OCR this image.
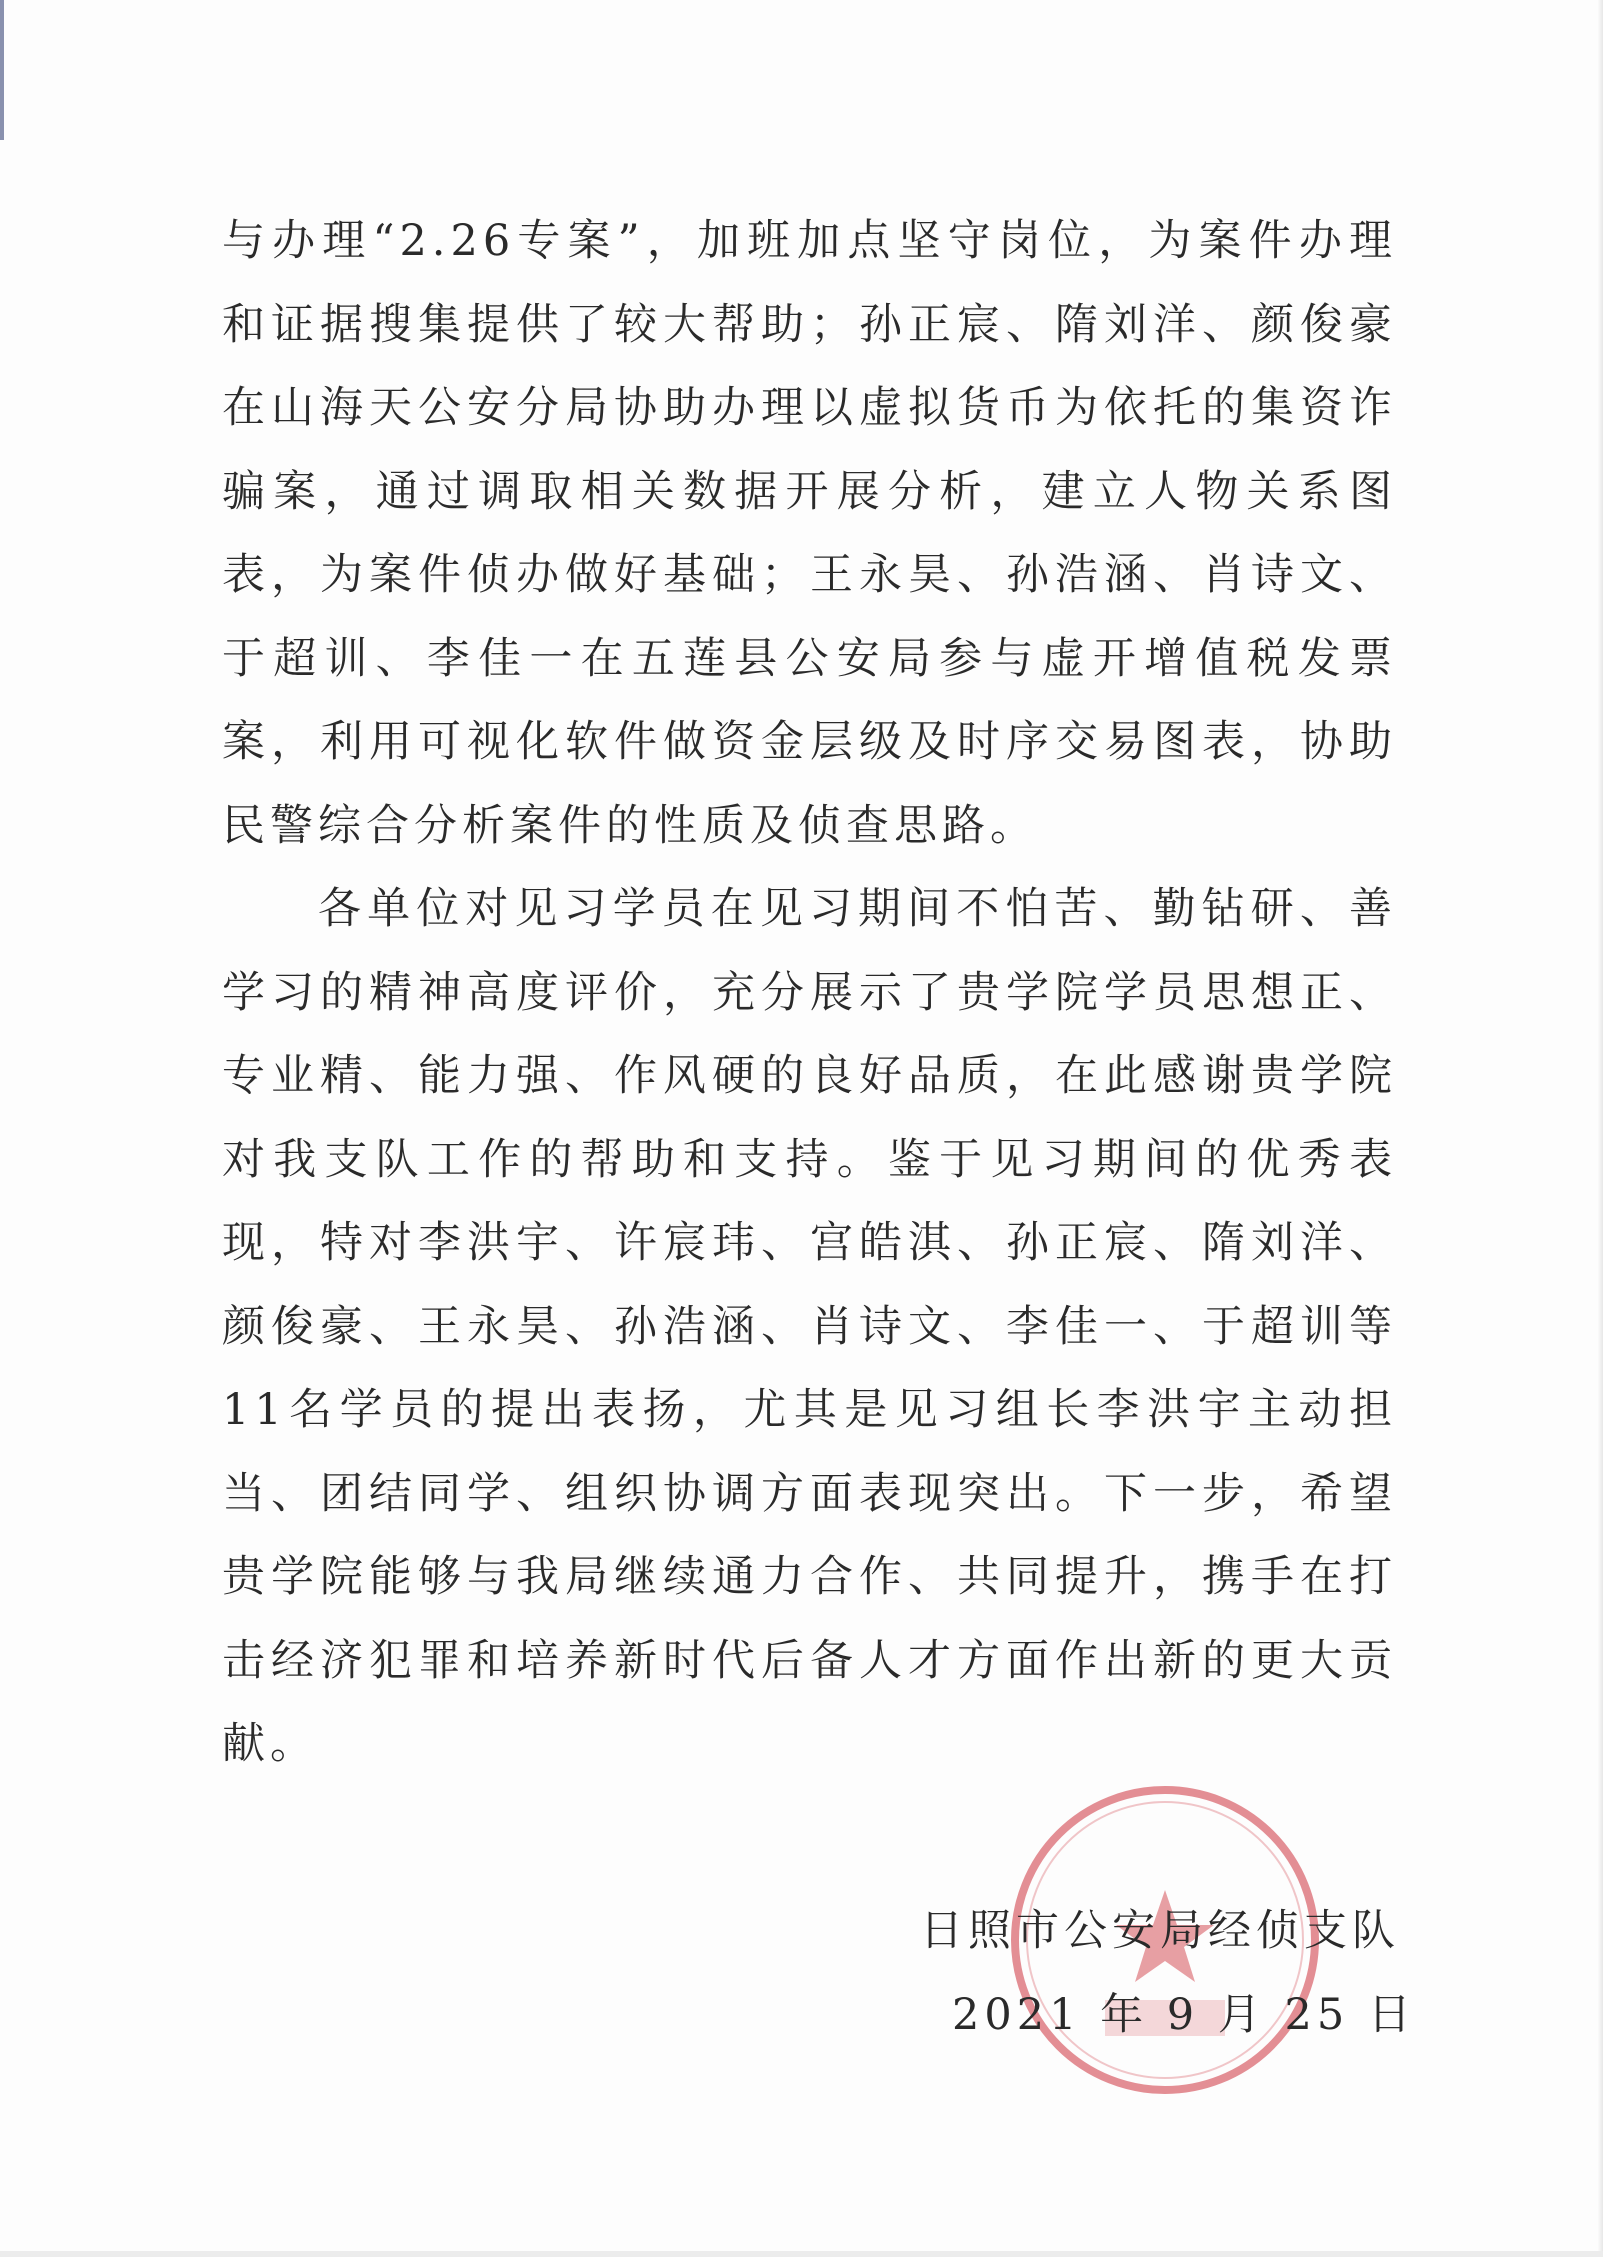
与办理“2.26专案”，加班加点坚守岗位，为案件办理和证据搜集提供了较大帮助；孙正宸、隋刘洋、颜俊豪在山海天公安分局协助办理以虚拟货币为依托的集资诈骗案，通过调取相关数据开展分析，建立人物关系图表，为案件侦办做好基础；王永昊、孙浩涵、肖诗文、于超训、李佳一在五莲县公安局参与虚开增值税发票案，利用可视化软件做资金层级及时序交易图表，协助民警综合分析案件的性质及侦查思路。

各单位对见习学员在见习期间不怕苦、勤钻研、善学习的精神高度评价，充分展示了贵学院学员思想正、专业精、能力强、作风硬的良好品质，在此感谢贵学院对我支队工作的帮助和支持。鉴于见习期间的优秀表现，特对李洪宇、许宸玮、宫皓淇、孙正宸、隋刘洋、颜俊豪、王永昊、孙浩涵、肖诗文、李佳一、于超训等11名学员的提出表扬，尤其是见习组长李洪宇主动担当、团结同学、组织协调方面表现突出。下一步，希望贵学院能够与我局继续通力合作、共同提升，携手在打击经济犯罪和培养新时代后备人才方面作出新的更大贡献。

日照市公安局经侦支队
2021 年 9 月 25 日
